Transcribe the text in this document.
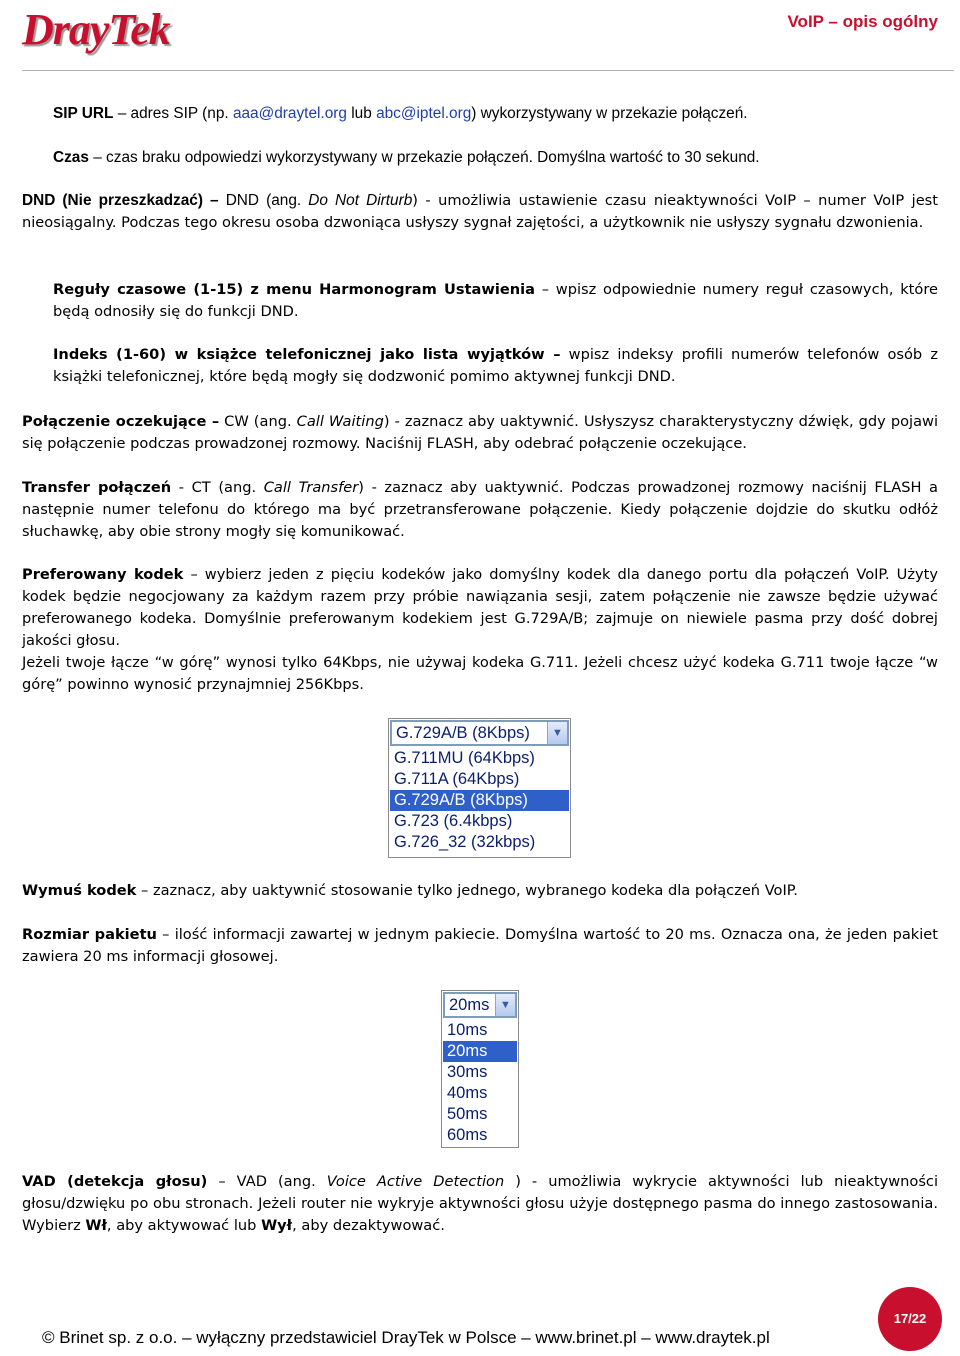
DrayTek	VoIP – opis ogólny

SIP URL – adres SIP (np. aaa@draytel.org lub abc@iptel.org) wykorzystywany w przekazie połączeń.

Czas – czas braku odpowiedzi wykorzystywany w przekazie połączeń. Domyślna wartość to 30 sekund.

DND (Nie przeszkadzać) – DND (ang. Do Not Dirturb) - umożliwia ustawienie czasu nieaktywności VoIP – numer VoIP jest nieosiągalny. Podczas tego okresu osoba dzwoniąca usłyszy sygnał zajętości, a użytkownik nie usłyszy sygnału dzwonienia.

Reguły czasowe (1-15) z menu Harmonogram Ustawienia – wpisz odpowiednie numery reguł czasowych, które będą odnosiły się do funkcji DND.

Indeks (1-60) w książce telefonicznej jako lista wyjątków – wpisz indeksy profili numerów telefonów osób z książki telefonicznej, które będą mogły się dodzwonić pomimo aktywnej funkcji DND.

Połączenie oczekujące – CW (ang. Call Waiting) - zaznacz aby uaktywnić. Usłyszysz charakterystyczny dźwięk, gdy pojawi się połączenie podczas prowadzonej rozmowy. Naciśnij FLASH, aby odebrać połączenie oczekujące.

Transfer połączeń - CT (ang. Call Transfer) - zaznacz aby uaktywnić. Podczas prowadzonej rozmowy naciśnij FLASH a następnie numer telefonu do którego ma być przetransferowane połączenie. Kiedy połączenie dojdzie do skutku odłóż słuchawkę, aby obie strony mogły się komunikować.

Preferowany kodek – wybierz jeden z pięciu kodeków jako domyślny kodek dla danego portu dla połączeń VoIP. Użyty kodek będzie negocjowany za każdym razem przy próbie nawiązania sesji, zatem połączenie nie zawsze będzie używać preferowanego kodeka. Domyślnie preferowanym kodekiem jest G.729A/B; zajmuje on niewiele pasma przy dość dobrej jakości głosu.
Jeżeli twoje łącze “w górę” wynosi tylko 64Kbps, nie używaj kodeka G.711. Jeżeli chcesz użyć kodeka G.711 twoje łącze “w górę” powinno wynosić przynajmniej 256Kbps.

G.729A/B (8Kbps)	▼
G.711MU (64Kbps)
G.711A (64Kbps)
G.729A/B (8Kbps)
G.723 (6.4kbps)
G.726_32 (32kbps)

Wymuś kodek – zaznacz, aby uaktywnić stosowanie tylko jednego, wybranego kodeka dla połączeń VoIP.

Rozmiar pakietu – ilość informacji zawartej w jednym pakiecie. Domyślna wartość to 20 ms. Oznacza ona, że jeden pakiet zawiera 20 ms informacji głosowej.

20ms ▼
10ms
20ms
30ms
40ms
50ms
60ms

VAD (detekcja głosu) – VAD (ang. Voice Active Detection ) - umożliwia wykrycie aktywności lub nieaktywności głosu/dzwięku po obu stronach. Jeżeli router nie wykryje aktywności głosu użyje dostępnego pasma do innego zastosowania. Wybierz Wł, aby aktywować lub Wył, aby dezaktywować.

© Brinet sp. z o.o. – wyłączny przedstawiciel DrayTek w Polsce – www.brinet.pl – www.draytek.pl
17/22
